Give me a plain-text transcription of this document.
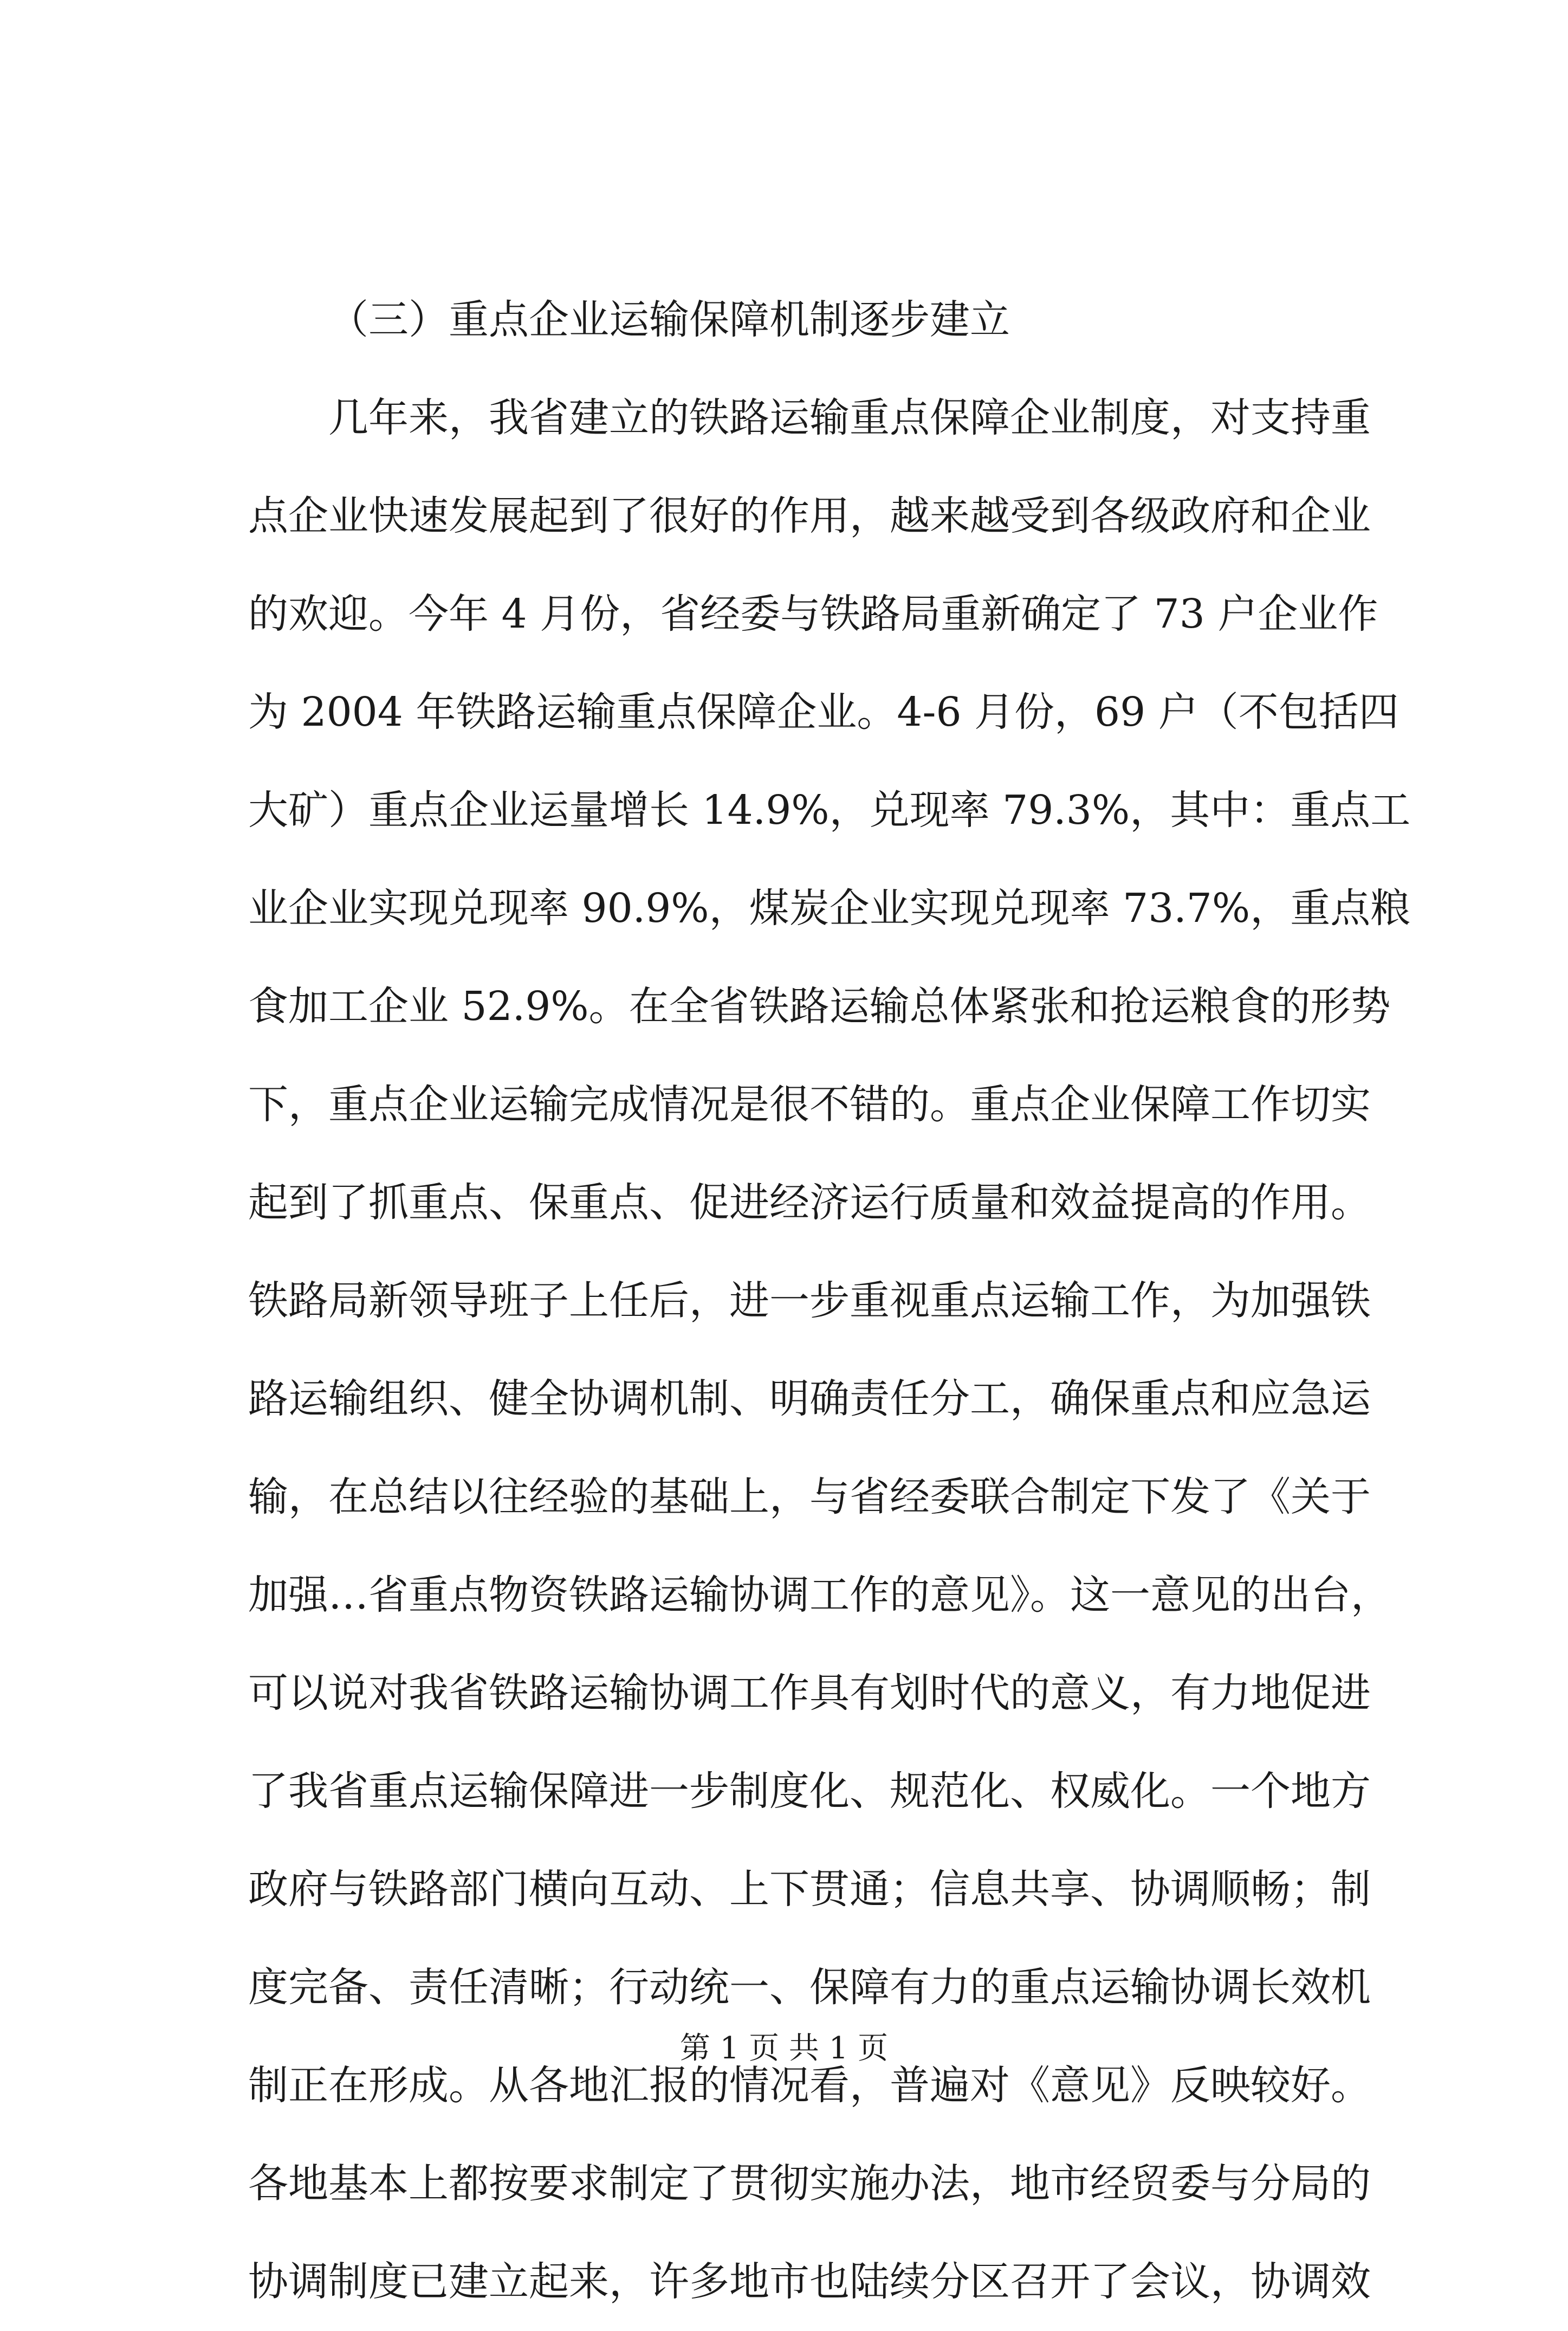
（三）重点企业运输保障机制逐步建立
几年来，我省建立的铁路运输重点保障企业制度，对支持重
点企业快速发展起到了很好的作用，越来越受到各级政府和企业
的欢迎。今年 4 月份，省经委与铁路局重新确定了 73 户企业作
为 2004 年铁路运输重点保障企业。4-6 月份，69 户（不包括四
大矿）重点企业运量增长 14.9%，兑现率 79.3%，其中：重点工
业企业实现兑现率 90.9%，煤炭企业实现兑现率 73.7%，重点粮
食加工企业 52.9%。在全省铁路运输总体紧张和抢运粮食的形势
下，重点企业运输完成情况是很不错的。重点企业保障工作切实
起到了抓重点、保重点、促进经济运行质量和效益提高的作用。
铁路局新领导班子上任后，进一步重视重点运输工作，为加强铁
路运输组织、健全协调机制、明确责任分工，确保重点和应急运
输，在总结以往经验的基础上，与省经委联合制定下发了《关于
加强…省重点物资铁路运输协调工作的意见》。这一意见的出台，
可以说对我省铁路运输协调工作具有划时代的意义，有力地促进
了我省重点运输保障进一步制度化、规范化、权威化。一个地方
政府与铁路部门横向互动、上下贯通；信息共享、协调顺畅；制
度完备、责任清晰；行动统一、保障有力的重点运输协调长效机
制正在形成。从各地汇报的情况看，普遍对《意见》反映较好。
各地基本上都按要求制定了贯彻实施办法，地市经贸委与分局的
协调制度已建立起来，许多地市也陆续分区召开了会议，协调效
第 1 页 共 1 页
